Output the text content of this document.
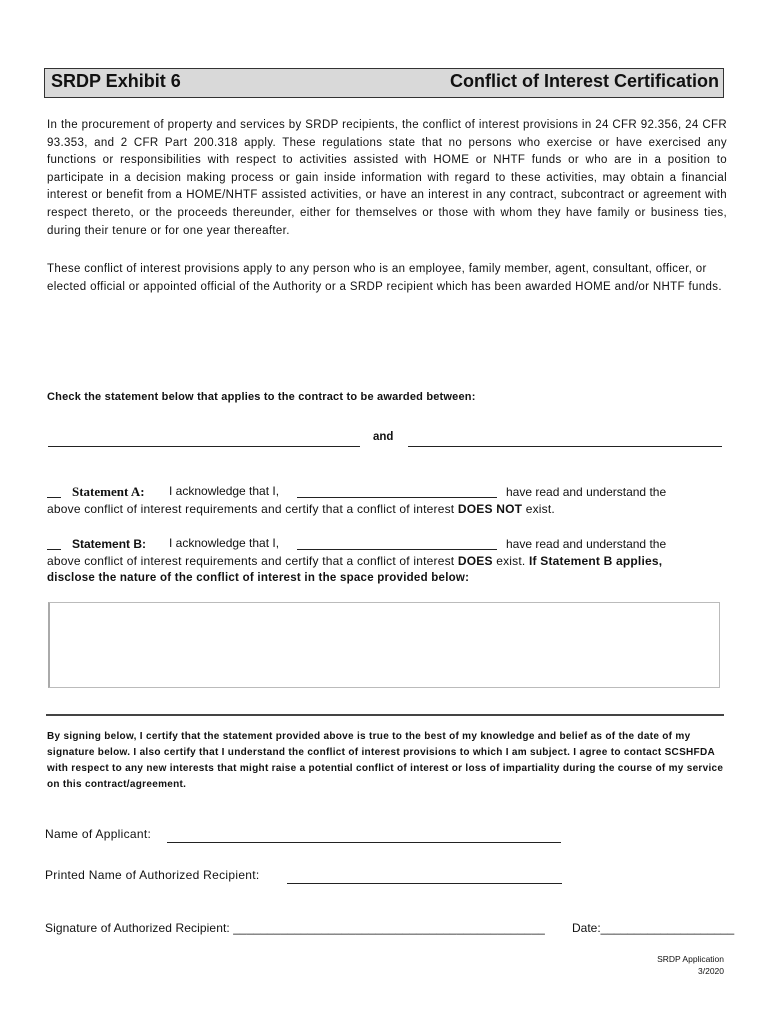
SRDP Exhibit 6	Conflict of Interest Certification
In the procurement of property and services by SRDP recipients, the conflict of interest provisions in 24 CFR 92.356, 24 CFR 93.353, and 2 CFR Part 200.318 apply. These regulations state that no persons who exercise or have exercised any functions or responsibilities with respect to activities assisted with HOME or NHTF funds or who are in a position to participate in a decision making process or gain inside information with regard to these activities, may obtain a financial interest or benefit from a HOME/NHTF assisted activities, or have an interest in any contract, subcontract or agreement with respect thereto, or the proceeds thereunder, either for themselves or those with whom they have family or business ties, during their tenure or for one year thereafter.
These conflict of interest provisions apply to any person who is an employee, family member, agent, consultant, officer, or elected official or appointed official of the Authority or a SRDP recipient which has been awarded HOME and/or NHTF funds.
Check the statement below that applies to the contract to be awarded between:
and
Statement A: I acknowledge that I,	have read and understand the
above conflict of interest requirements and certify that a conflict of interest DOES NOT exist.
Statement B: I acknowledge that I,	have read and understand the
above conflict of interest requirements and certify that a conflict of interest DOES exist. If Statement B applies,
disclose the nature of the conflict of interest in the space provided below:
By signing below, I certify that the statement provided above is true to the best of my knowledge and belief as of the date of my signature below. I also certify that I understand the conflict of interest provisions to which I am subject. I agree to contact SCSHFDA with respect to any new interests that might raise a potential conflict of interest or loss of impartiality during the course of my service on this contract/agreement.
Name of Applicant:
Printed Name of Authorized Recipient:
Signature of Authorized Recipient: ______________________________________________ Date:____________________
SRDP Application
3/2020
